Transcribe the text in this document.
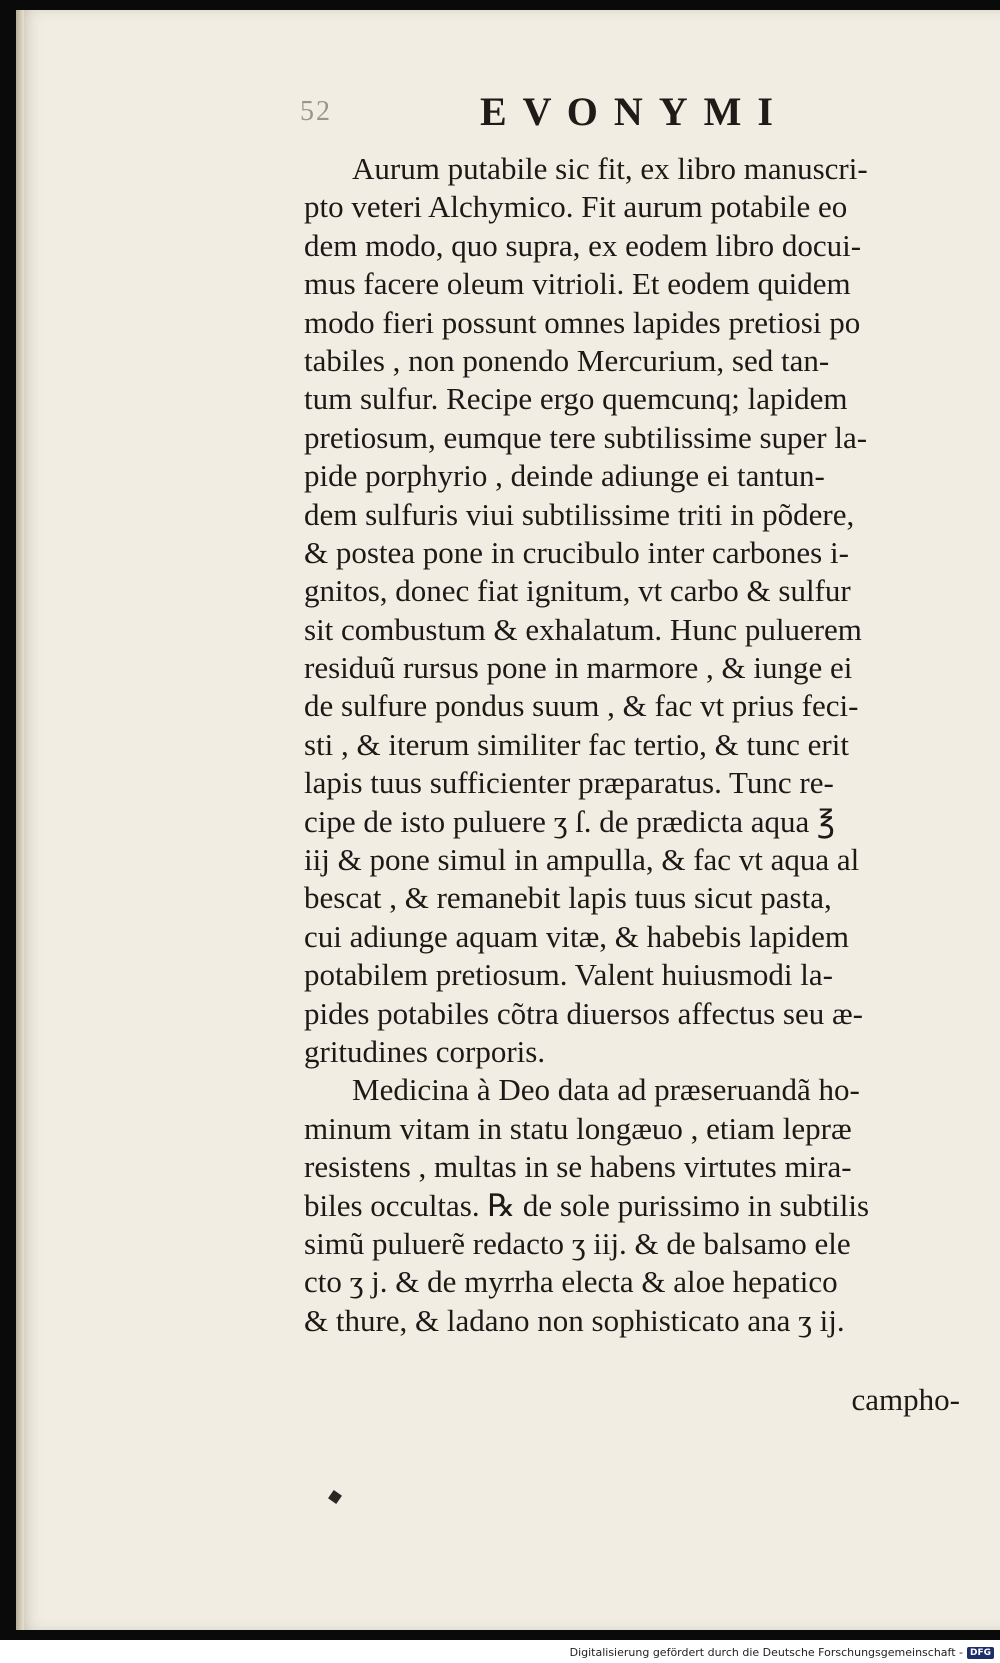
52	EVONYMI
Aurum putabile sic fit, ex libro manuscri-
pto veteri Alchymico. Fit aurum potabile eo
dem modo, quo supra, ex eodem libro docui-
mus facere oleum vitrioli. Et eodem quidem
modo fieri possunt omnes lapides pretiosi po
tabiles , non ponendo Mercurium, sed tan-
tum sulfur. Recipe ergo quemcunq; lapidem
pretiosum, eumque tere subtilissime super la-
pide porphyrio , deinde adiunge ei tantun-
dem sulfuris viui subtilissime triti in põdere,
& postea pone in crucibulo inter carbones i-
gnitos, donec fiat ignitum, vt carbo & sulfur
sit combustum & exhalatum. Hunc puluerem
residuũ rursus pone in marmore , & iunge ei
de sulfure pondus suum , & fac vt prius feci-
sti , & iterum similiter fac tertio, & tunc erit
lapis tuus sufficienter præparatus. Tunc re-
cipe de isto puluere ʒ ſ. de prædicta aqua ℥
iij & pone simul in ampulla, & fac vt aqua al
bescat , & remanebit lapis tuus sicut pasta,
cui adiunge aquam vitæ, & habebis lapidem
potabilem pretiosum. Valent huiusmodi la-
pides potabiles cõtra diuersos affectus seu æ-
gritudines corporis.
Medicina à Deo data ad præseruandã ho-
minum vitam in statu longæuo , etiam lepræ
resistens , multas in se habens virtutes mira-
biles occultas. ℞ de sole purissimo in subtilis
simũ puluerẽ redacto ʒ iij. & de balsamo ele
cto ʒ j. & de myrrha electa & aloe hepatico
& thure, & ladano non sophisticato ana ʒ ij.
campho-
Digitalisierung gefördert durch die Deutsche Forschungsgemeinschaft - DFG
